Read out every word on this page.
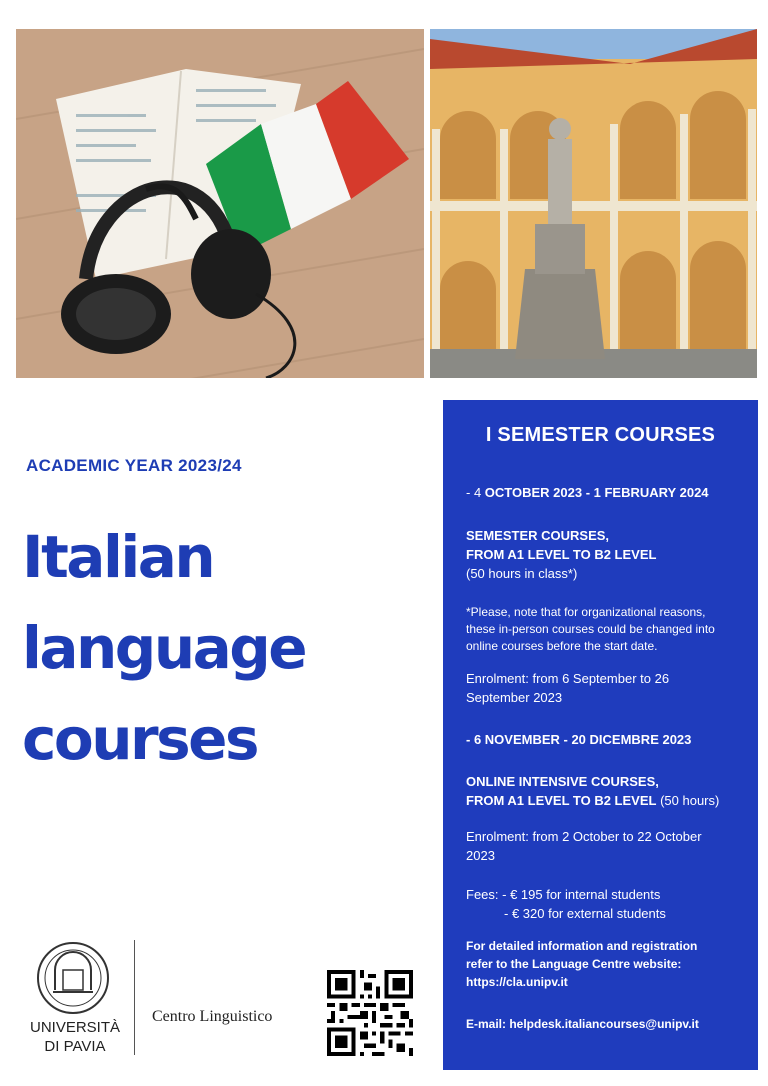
ACADEMIC YEAR 2023/24
Italian
language
courses
I SEMESTER COURSES
- 4 OCTOBER 2023 - 1 FEBRUARY 2024
SEMESTER COURSES,
FROM A1 LEVEL TO B2 LEVEL
(50 hours in class*)
*Please, note that for organizational reasons,
these in-person courses could be changed into
online courses before the start date.
Enrolment: from 6 September to 26
September 2023
- 6 NOVEMBER - 20 DICEMBRE 2023
ONLINE INTENSIVE COURSES,
FROM A1 LEVEL TO B2 LEVEL (50 hours)
Enrolment: from 2 October to 22 October
2023
Fees: - € 195 for internal students
- € 320 for external students
For detailed information and registration
refer to the Language Centre website:
https://cla.unipv.it
E-mail: helpdesk.italiancourses@unipv.it
UNIVERSITÀ
DI PAVIA
Centro Linguistico
